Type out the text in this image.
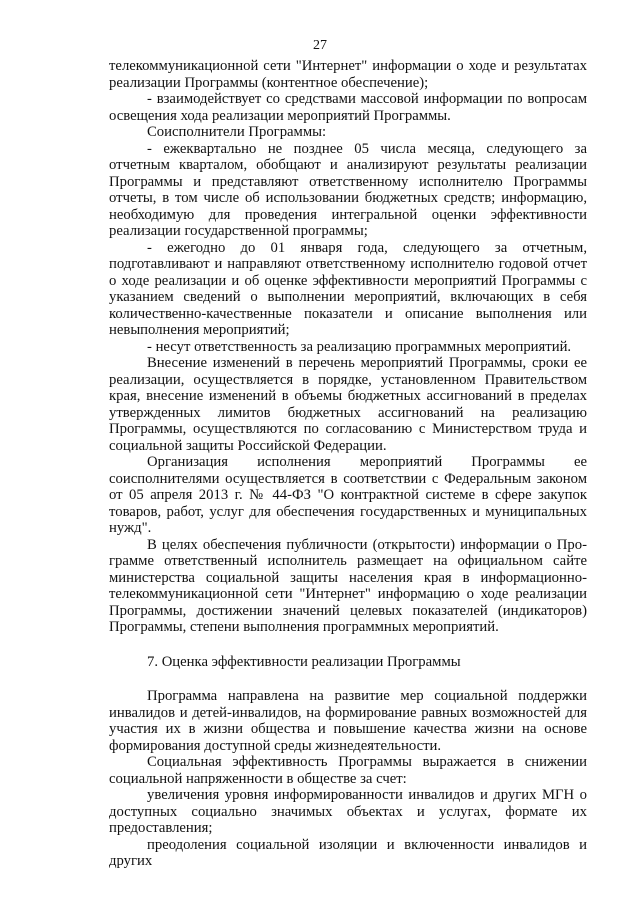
27

телекоммуникационной сети "Интернет" информации о ходе и результатах реализации Программы (контентное обеспечение);

- взаимодействует со средствами массовой информации по вопросам освещения хода реализации мероприятий Программы.

Соисполнители Программы:

- ежеквартально не позднее 05 числа месяца, следующего за отчетным кварталом, обобщают и анализируют результаты реализации Программы и представляют ответственному исполнителю Программы отчеты, в том числе об использовании бюджетных средств; информацию, необходимую для проведения интегральной оценки эффективности реализации государственной программы;

- ежегодно до 01 января года, следующего за отчетным, подготавливают и направляют ответственному исполнителю годовой отчет о ходе реализации и об оценке эффективности мероприятий Программы с указанием сведений о выполнении мероприятий, включающих в себя количественно-качественные показатели и описание выполнения или невыполнения мероприятий;

- несут ответственность за реализацию программных мероприятий.

Внесение изменений в перечень мероприятий Программы, сроки ее реализации, осуществляется в порядке, установленном Правительством края, внесение изменений в объемы бюджетных ассигнований в пределах утвержденных лимитов бюджетных ассигнований на реализацию Программы, осуществляются по согласованию с Министерством труда и социальной защиты Российской Федерации.

Организация исполнения мероприятий Программы ее соисполнителями осуществляется в соответствии с Федеральным законом от 05 апреля 2013 г. № 44-ФЗ "О контрактной системе в сфере закупок товаров, работ, услуг для обеспечения государственных и муниципальных нужд".

В целях обеспечения публичности (открытости) информации о Программе ответственный исполнитель размещает на официальном сайте министерства социальной защиты населения края в информационно-телекоммуникационной сети "Интернет" информацию о ходе реализации Программы, достижении значений целевых показателей (индикаторов) Программы, степени выполнения программных мероприятий.

7. Оценка эффективности реализации Программы

Программа направлена на развитие мер социальной поддержки инвалидов и детей-инвалидов, на формирование равных возможностей для участия их в жизни общества и повышение качества жизни на основе формирования доступной среды жизнедеятельности.

Социальная эффективность Программы выражается в снижении социальной напряженности в обществе за счет:

увеличения уровня информированности инвалидов и других МГН о доступных социально значимых объектах и услугах, формате их предоставления;

преодоления социальной изоляции и включенности инвалидов и других
